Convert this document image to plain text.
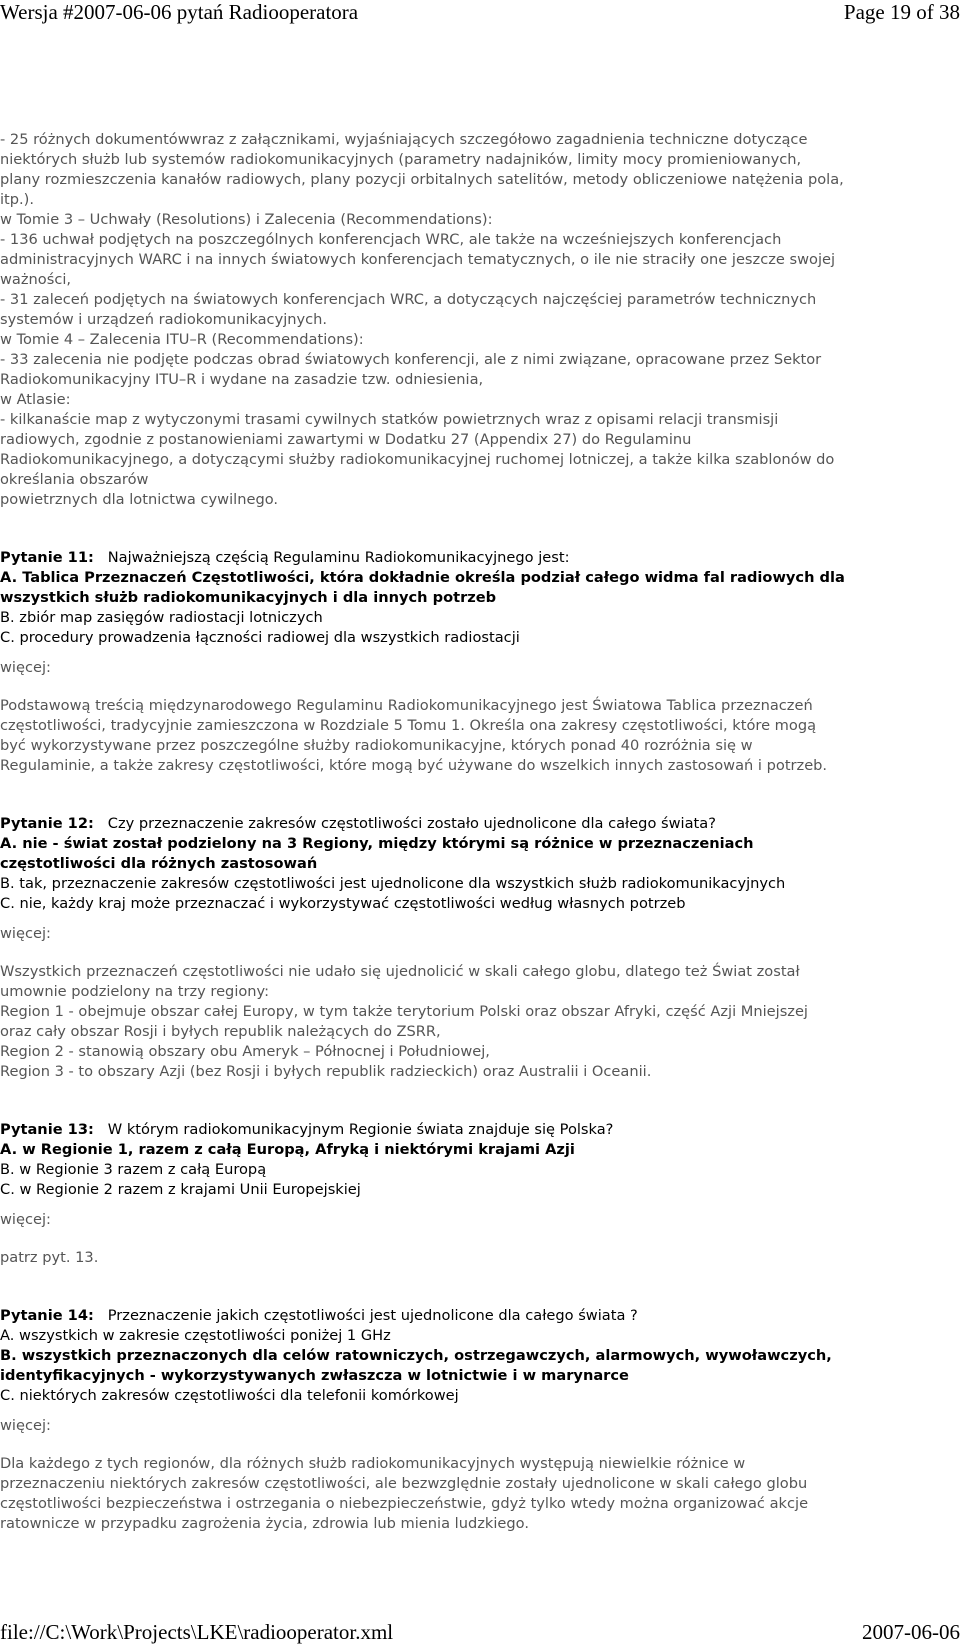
Wersja #2007-06-06 pytań Radiooperatora	Page 19 of 38
- 25 różnych dokumentówwraz z załącznikami, wyjaśniających szczegółowo zagadnienia techniczne dotyczące
niektórych służb lub systemów radiokomunikacyjnych (parametry nadajników, limity mocy promieniowanych,
plany rozmieszczenia kanałów radiowych, plany pozycji orbitalnych satelitów, metody obliczeniowe natężenia pola,
itp.).
w Tomie 3 – Uchwały (Resolutions) i Zalecenia (Recommendations):
- 136 uchwał podjętych na poszczególnych konferencjach WRC, ale także na wcześniejszych konferencjach
administracyjnych WARC i na innych światowych konferencjach tematycznych, o ile nie straciły one jeszcze swojej
ważności,
- 31 zaleceń podjętych na światowych konferencjach WRC, a dotyczących najczęściej parametrów technicznych
systemów i urządzeń radiokomunikacyjnych.
w Tomie 4 – Zalecenia ITU–R (Recommendations):
- 33 zalecenia nie podjęte podczas obrad światowych konferencji, ale z nimi związane, opracowane przez Sektor
Radiokomunikacyjny ITU–R i wydane na zasadzie tzw. odniesienia,
w Atlasie:
- kilkanaście map z wytyczonymi trasami cywilnych statków powietrznych wraz z opisami relacji transmisji
radiowych, zgodnie z postanowieniami zawartymi w Dodatku 27 (Appendix 27) do Regulaminu
Radiokomunikacyjnego, a dotyczącymi służby radiokomunikacyjnej ruchomej lotniczej, a także kilka szablonów do
określania obszarów
powietrznych dla lotnictwa cywilnego.
Pytanie 11: Najważniejszą częścią Regulaminu Radiokomunikacyjnego jest:
A. Tablica Przeznaczeń Częstotliwości, która dokładnie określa podział całego widma fal radiowych dla
wszystkich służb radiokomunikacyjnych i dla innych potrzeb
B. zbiór map zasięgów radiostacji lotniczych
C. procedury prowadzenia łączności radiowej dla wszystkich radiostacji
więcej:
Podstawową treścią międzynarodowego Regulaminu Radiokomunikacyjnego jest Światowa Tablica przeznaczeń
częstotliwości, tradycyjnie zamieszczona w Rozdziale 5 Tomu 1. Określa ona zakresy częstotliwości, które mogą
być wykorzystywane przez poszczególne służby radiokomunikacyjne, których ponad 40 rozróżnia się w
Regulaminie, a także zakresy częstotliwości, które mogą być używane do wszelkich innych zastosowań i potrzeb.
Pytanie 12: Czy przeznaczenie zakresów częstotliwości zostało ujednolicone dla całego świata?
A. nie - świat został podzielony na 3 Regiony, między którymi są różnice w przeznaczeniach
częstotliwości dla różnych zastosowań
B. tak, przeznaczenie zakresów częstotliwości jest ujednolicone dla wszystkich służb radiokomunikacyjnych
C. nie, każdy kraj może przeznaczać i wykorzystywać częstotliwości według własnych potrzeb
więcej:
Wszystkich przeznaczeń częstotliwości nie udało się ujednolicić w skali całego globu, dlatego też Świat został
umownie podzielony na trzy regiony:
Region 1 - obejmuje obszar całej Europy, w tym także terytorium Polski oraz obszar Afryki, część Azji Mniejszej
oraz cały obszar Rosji i byłych republik należących do ZSRR,
Region 2 - stanowią obszary obu Ameryk – Północnej i Południowej,
Region 3 - to obszary Azji (bez Rosji i byłych republik radzieckich) oraz Australii i Oceanii.
Pytanie 13: W którym radiokomunikacyjnym Regionie świata znajduje się Polska?
A. w Regionie 1, razem z całą Europą, Afryką i niektórymi krajami Azji
B. w Regionie 3 razem z całą Europą
C. w Regionie 2 razem z krajami Unii Europejskiej
więcej:
patrz pyt. 13.
Pytanie 14: Przeznaczenie jakich częstotliwości jest ujednolicone dla całego świata ?
A. wszystkich w zakresie częstotliwości poniżej 1 GHz
B. wszystkich przeznaczonych dla celów ratowniczych, ostrzegawczych, alarmowych, wywoławczych,
identyfikacyjnych - wykorzystywanych zwłaszcza w lotnictwie i w marynarce
C. niektórych zakresów częstotliwości dla telefonii komórkowej
więcej:
Dla każdego z tych regionów, dla różnych służb radiokomunikacyjnych występują niewielkie różnice w
przeznaczeniu niektórych zakresów częstotliwości, ale bezwzględnie zostały ujednolicone w skali całego globu
częstotliwości bezpieczeństwa i ostrzegania o niebezpieczeństwie, gdyż tylko wtedy można organizować akcje
ratownicze w przypadku zagrożenia życia, zdrowia lub mienia ludzkiego.
file://C:\Work\Projects\LKE\radiooperator.xml	2007-06-06
